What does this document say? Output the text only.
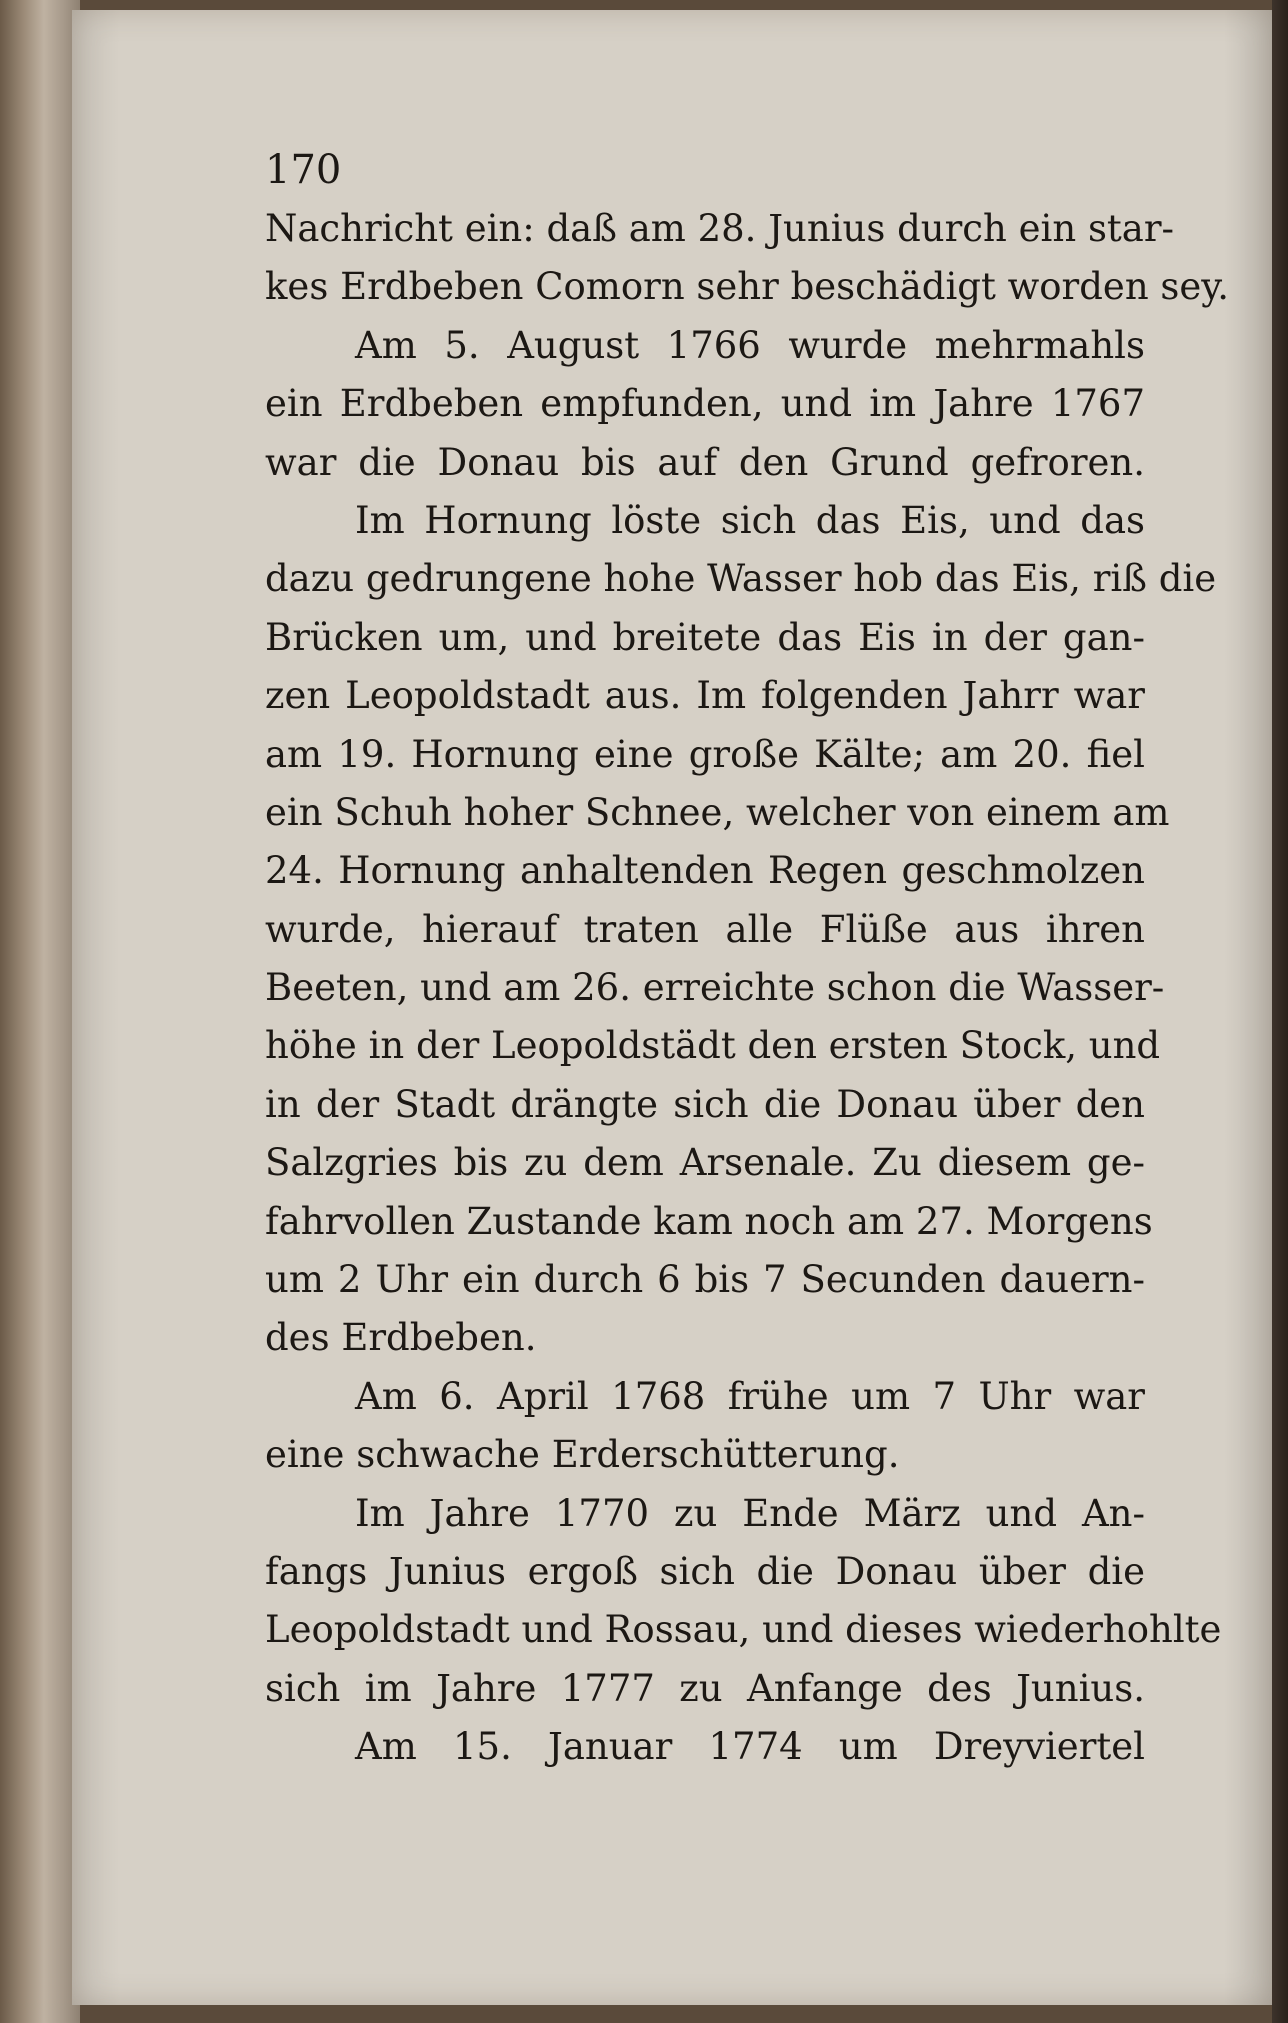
170
Nachricht ein: daß am 28. Junius durch ein star-
kes Erdbeben Comorn sehr beschädigt worden sey.
Am 5. August 1766 wurde mehrmahls
ein Erdbeben empfunden, und im Jahre 1767
war die Donau bis auf den Grund gefroren.
Im Hornung löste sich das Eis, und das
dazu gedrungene hohe Wasser hob das Eis, riß die
Brücken um, und breitete das Eis in der gan-
zen Leopoldstadt aus. Im folgenden Jahrr war
am 19. Hornung eine große Kälte; am 20. fiel
ein Schuh hoher Schnee, welcher von einem am
24. Hornung anhaltenden Regen geschmolzen
wurde, hierauf traten alle Flüße aus ihren
Beeten, und am 26. erreichte schon die Wasser-
höhe in der Leopoldstädt den ersten Stock, und
in der Stadt drängte sich die Donau über den
Salzgries bis zu dem Arsenale. Zu diesem ge-
fahrvollen Zustande kam noch am 27. Morgens
um 2 Uhr ein durch 6 bis 7 Secunden dauern-
des Erdbeben.
Am 6. April 1768 frühe um 7 Uhr war
eine schwache Erderschütterung.
Im Jahre 1770 zu Ende März und An-
fangs Junius ergoß sich die Donau über die
Leopoldstadt und Rossau, und dieses wiederhohlte
sich im Jahre 1777 zu Anfange des Junius.
Am 15. Januar 1774 um Dreyviertel
